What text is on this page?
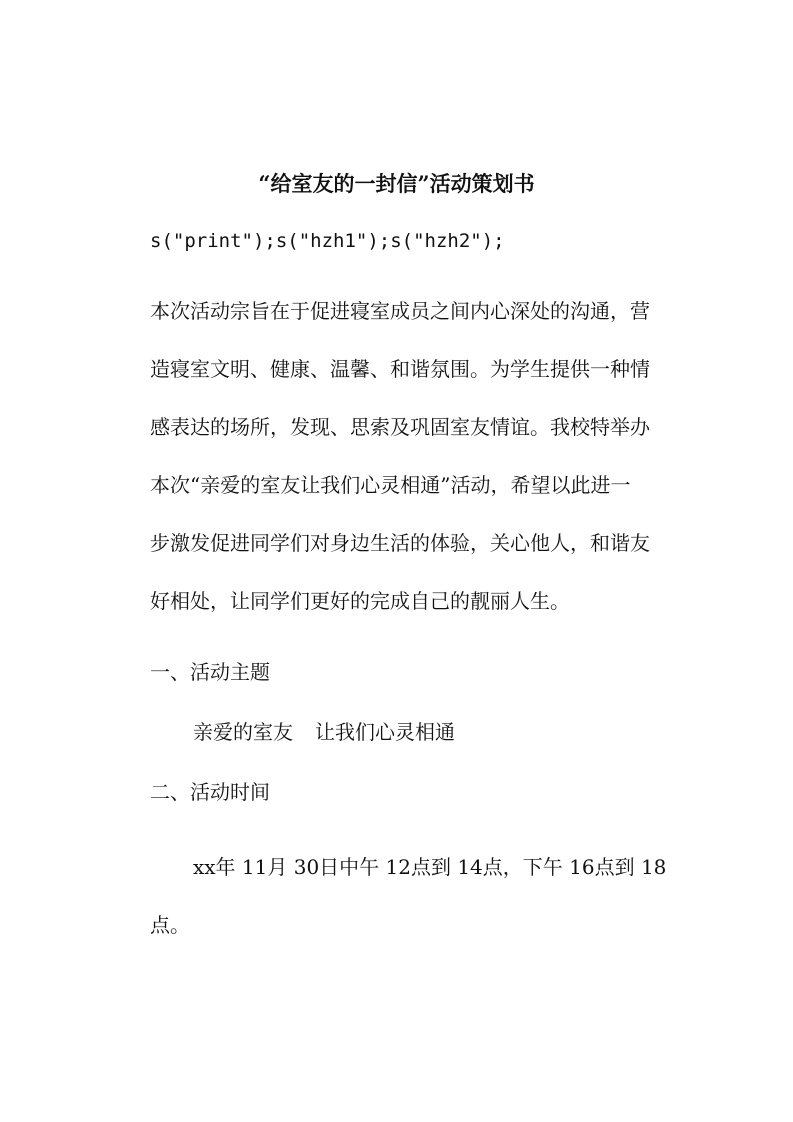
“给室友的一封信”活动策划书
s("print");s("hzh1");s("hzh2");
本次活动宗旨在于促进寝室成员之间内心深处的沟通，营
造寝室文明、健康、温馨、和谐氛围。为学生提供一种情
感表达的场所，发现、思索及巩固室友情谊。我校特举办
本次“亲爱的室友让我们心灵相通”活动，希望以此进一
步激发促进同学们对身边生活的体验，关心他人，和谐友
好相处，让同学们更好的完成自己的靓丽人生。
一、活动主题
亲爱的室友 让我们心灵相通
二、活动时间
xx年 11月 30日中午 12点到 14点，下午 16点到 18
点。
